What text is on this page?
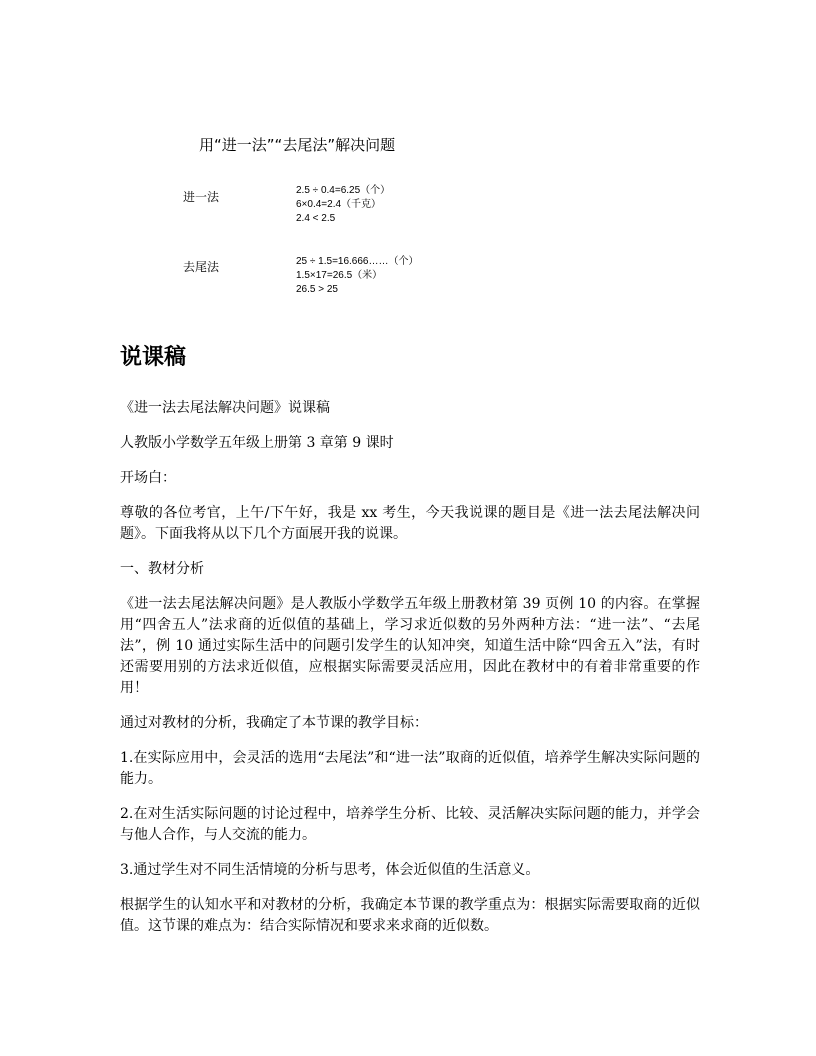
用“进一法”“去尾法”解决问题
进一法	2.5 ÷ 0.4=6.25（个）
6×0.4=2.4（千克）
2.4 < 2.5
去尾法	25 ÷ 1.5=16.666……（个）
1.5×17=26.5（米）
26.5 > 25
说课稿

《进一法去尾法解决问题》说课稿

人教版小学数学五年级上册第 3 章第 9 课时

开场白：

尊敬的各位考官，上午/下午好，我是 xx 考生，今天我说课的题目是《进一法去尾法解决问题》。下面我将从以下几个方面展开我的说课。

一、教材分析

《进一法去尾法解决问题》是人教版小学数学五年级上册教材第 39 页例 10 的内容。在掌握用“四舍五人”法求商的近似值的基础上，学习求近似数的另外两种方法：“进一法”、“去尾法”，例 10 通过实际生活中的问题引发学生的认知冲突，知道生活中除“四舍五入”法，有时还需要用别的方法求近似值，应根据实际需要灵活应用，因此在教材中的有着非常重要的作用！

通过对教材的分析，我确定了本节课的教学目标：

1.在实际应用中，会灵活的选用“去尾法”和“进一法”取商的近似值，培养学生解决实际问题的能力。

2.在对生活实际问题的讨论过程中，培养学生分析、比较、灵活解决实际问题的能力，并学会与他人合作，与人交流的能力。

3.通过学生对不同生活情境的分析与思考，体会近似值的生活意义。

根据学生的认知水平和对教材的分析，我确定本节课的教学重点为：根据实际需要取商的近似值。这节课的难点为：结合实际情况和要求来求商的近似数。
